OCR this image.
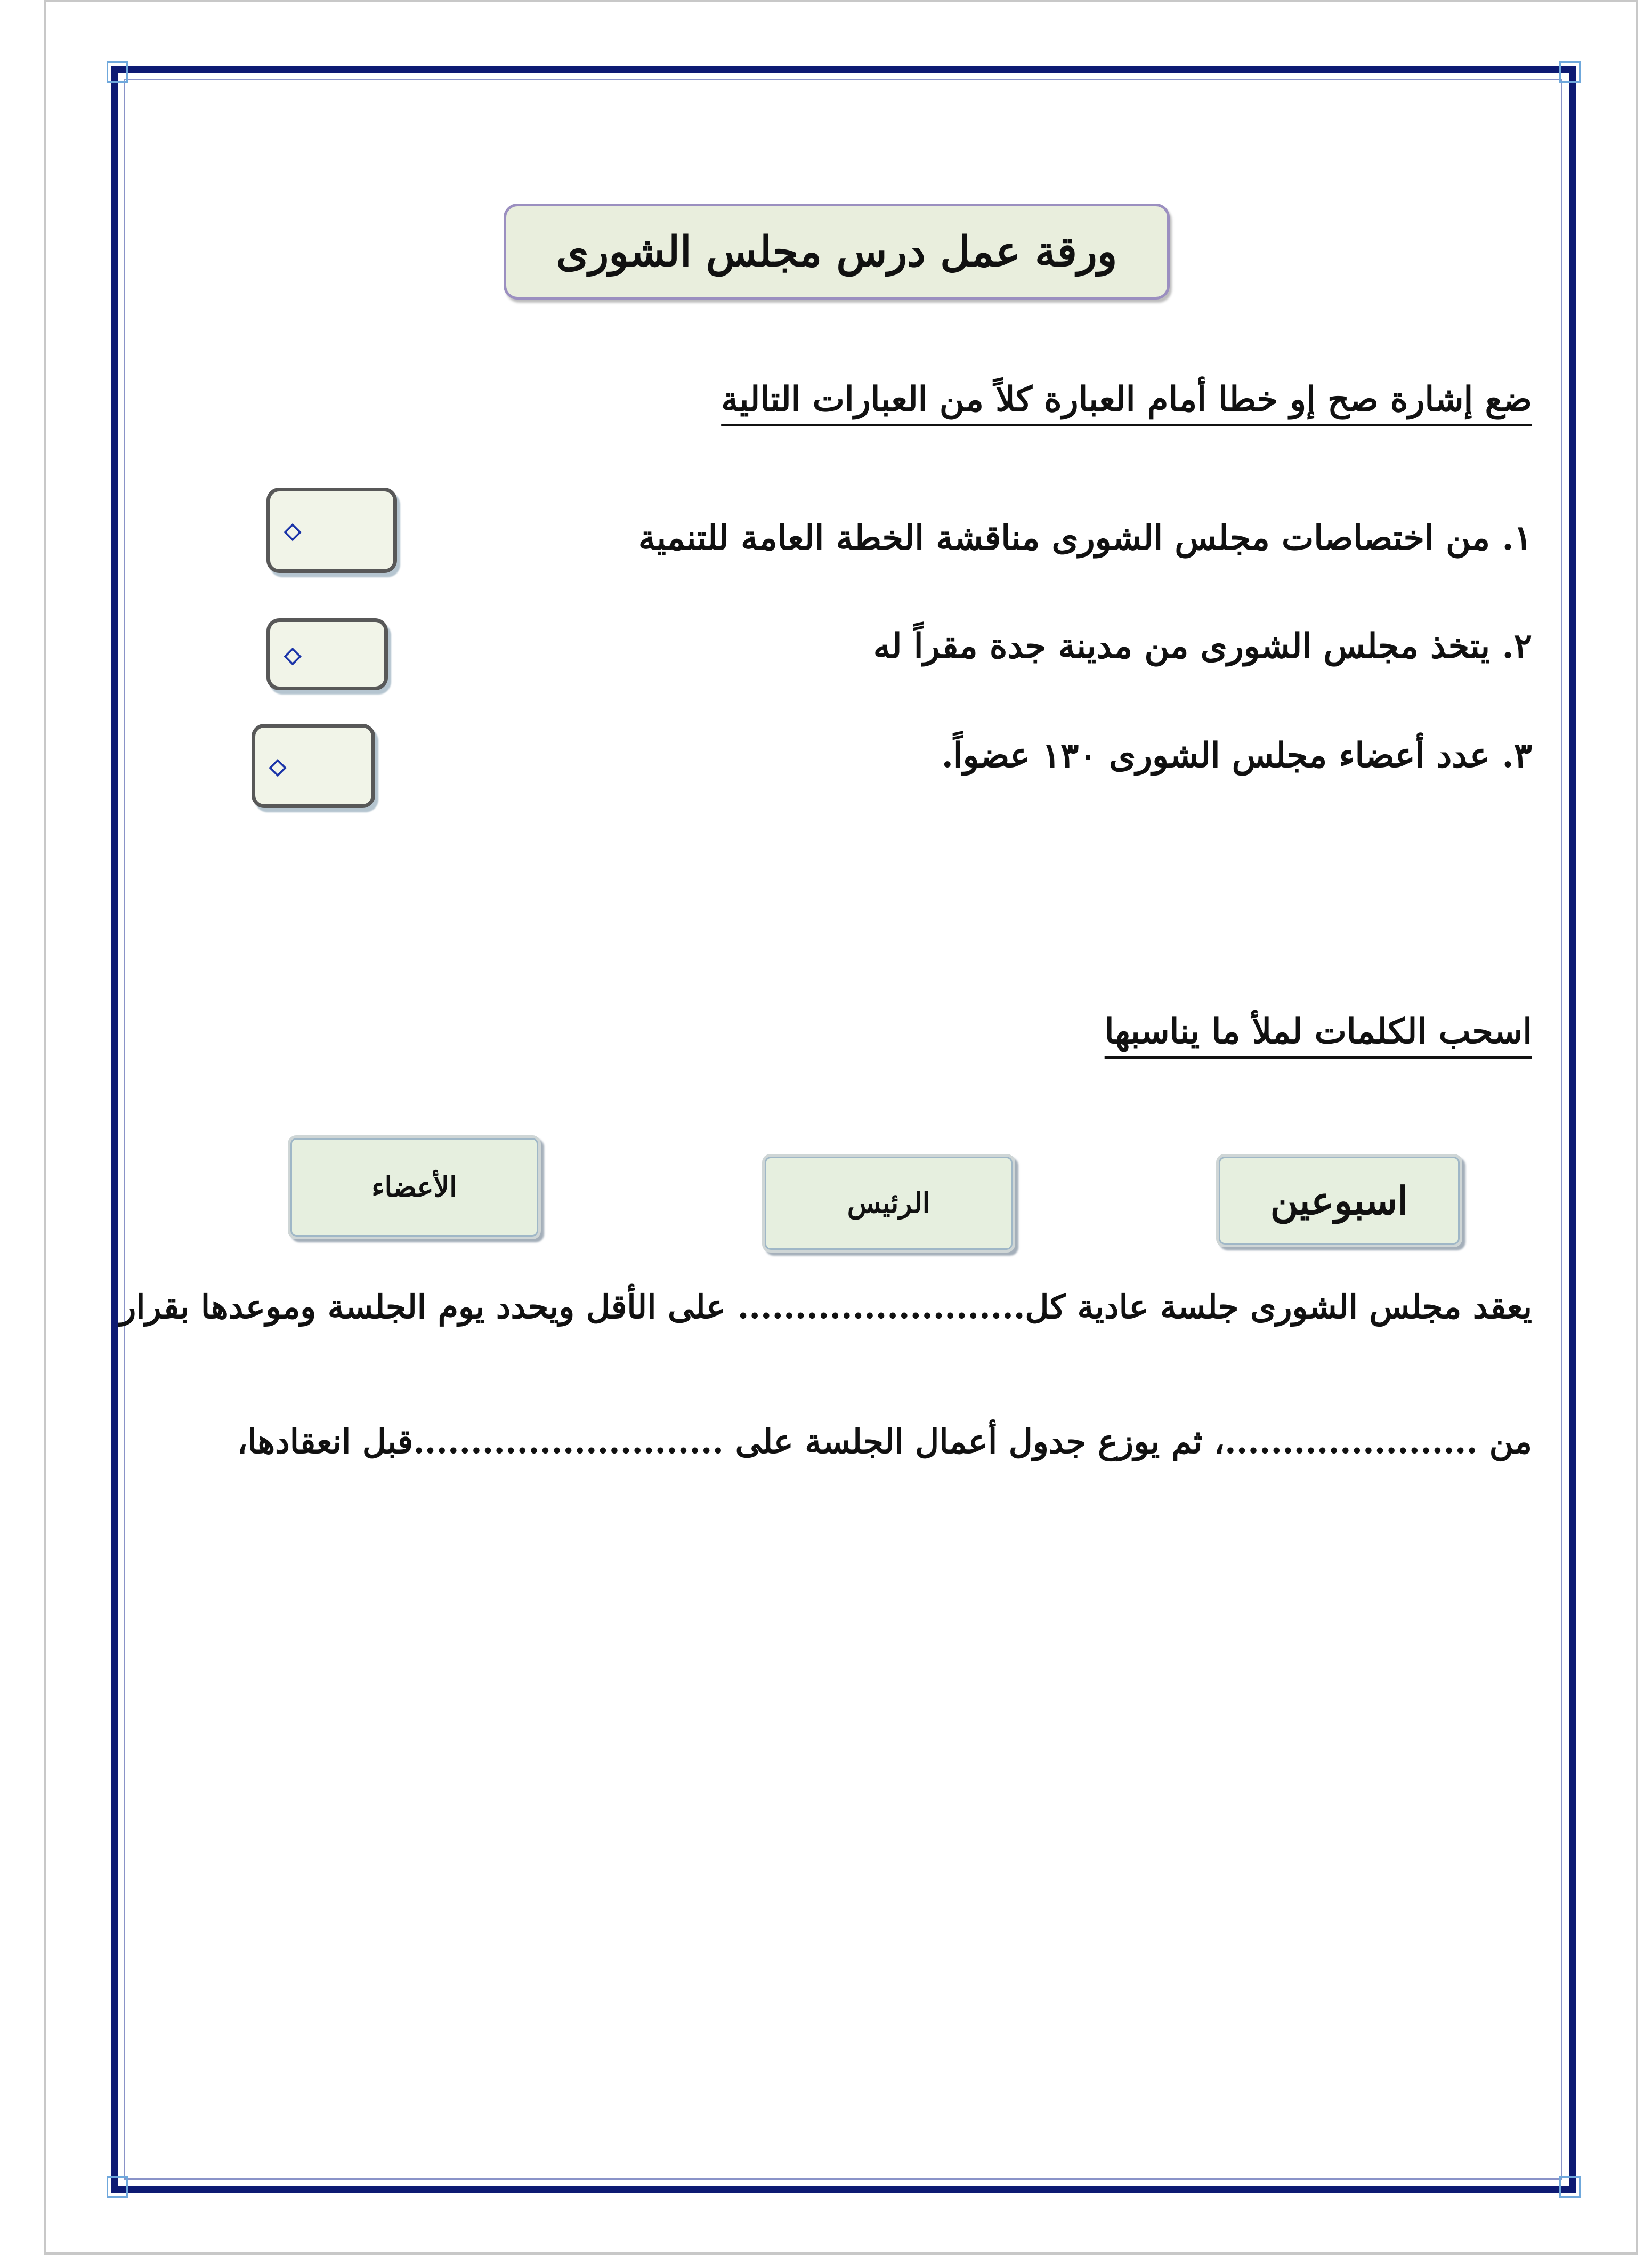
ورقة عمل درس مجلس الشورى
ضع إشارة صح إو خطا أمام العبارة كلاً من العبارات التالية
١. من اختصاصات مجلس الشورى مناقشة الخطة العامة للتنمية
٢. يتخذ مجلس الشورى من مدينة جدة مقراً له
٣. عدد أعضاء مجلس الشورى ١٣٠ عضواً.
⬦
⬦
⬦
اسحب الكلمات لملأ ما يناسبها
الأعضاء	الرئيس	اسبوعين
يعقد مجلس الشورى جلسة عادية كل......................... على الأقل ويحدد يوم الجلسة وموعدها بقرار
من ......................، ثم يوزع جدول أعمال الجلسة على ...........................قبل انعقادها،
